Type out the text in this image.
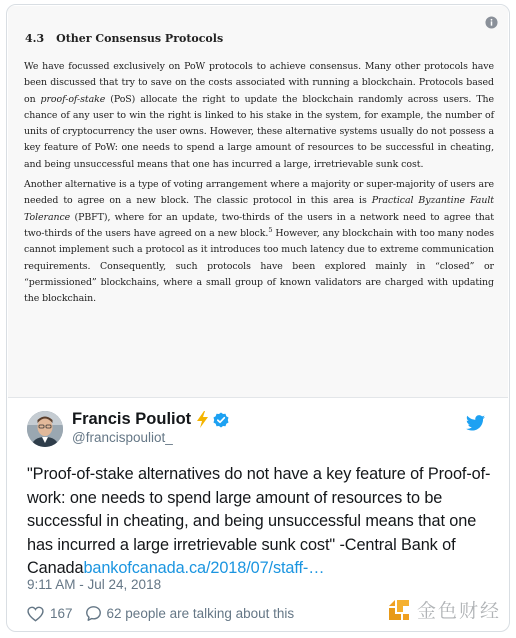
4.3 Other Consensus Protocols

We have focussed exclusively on PoW protocols to achieve consensus. Many other protocols have been discussed that try to save on the costs associated with running a blockchain. Protocols based on proof-of-stake (PoS) allocate the right to update the blockchain randomly across users. The chance of any user to win the right is linked to his stake in the system, for example, the number of units of cryptocurrency the user owns. However, these alternative systems usually do not possess a key feature of PoW: one needs to spend a large amount of resources to be successful in cheating, and being unsuccessful means that one has incurred a large, irretrievable sunk cost.

Another alternative is a type of voting arrangement where a majority or super-majority of users are needed to agree on a new block. The classic protocol in this area is Practical Byzantine Fault Tolerance (PBFT), where for an update, two-thirds of the users in a network need to agree that two-thirds of the users have agreed on a new block.$^5$ However, any blockchain with too many nodes cannot implement such a protocol as it introduces too much latency due to extreme communication requirements. Consequently, such protocols have been explored mainly in “closed” or “permissioned” blockchains, where a small group of known validators are charged with updating the blockchain.

Francis Pouliot
@francispouliot_
"Proof-of-stake alternatives do not have a key feature of Proof-of-work: one needs to spend large amount of resources to be successful in cheating, and being unsuccessful means that one has incurred a large irretrievable sunk cost" -Central Bank of Canadabankofcanada.ca/2018/07/staff-…
9:11 AM - Jul 24, 2018
167	62 people are talking about this	金色财经
